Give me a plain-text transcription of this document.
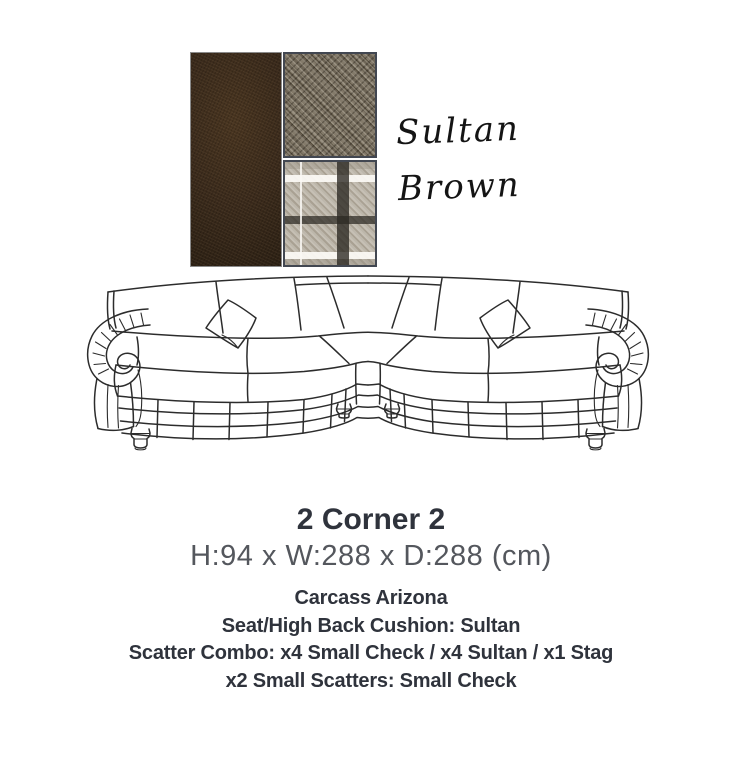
Sultan
Brown
2 Corner 2
H:94 x W:288 x D:288 (cm)
Carcass Arizona
Seat/High Back Cushion: Sultan
Scatter Combo: x4 Small Check / x4 Sultan / x1 Stag
x2 Small Scatters: Small Check
